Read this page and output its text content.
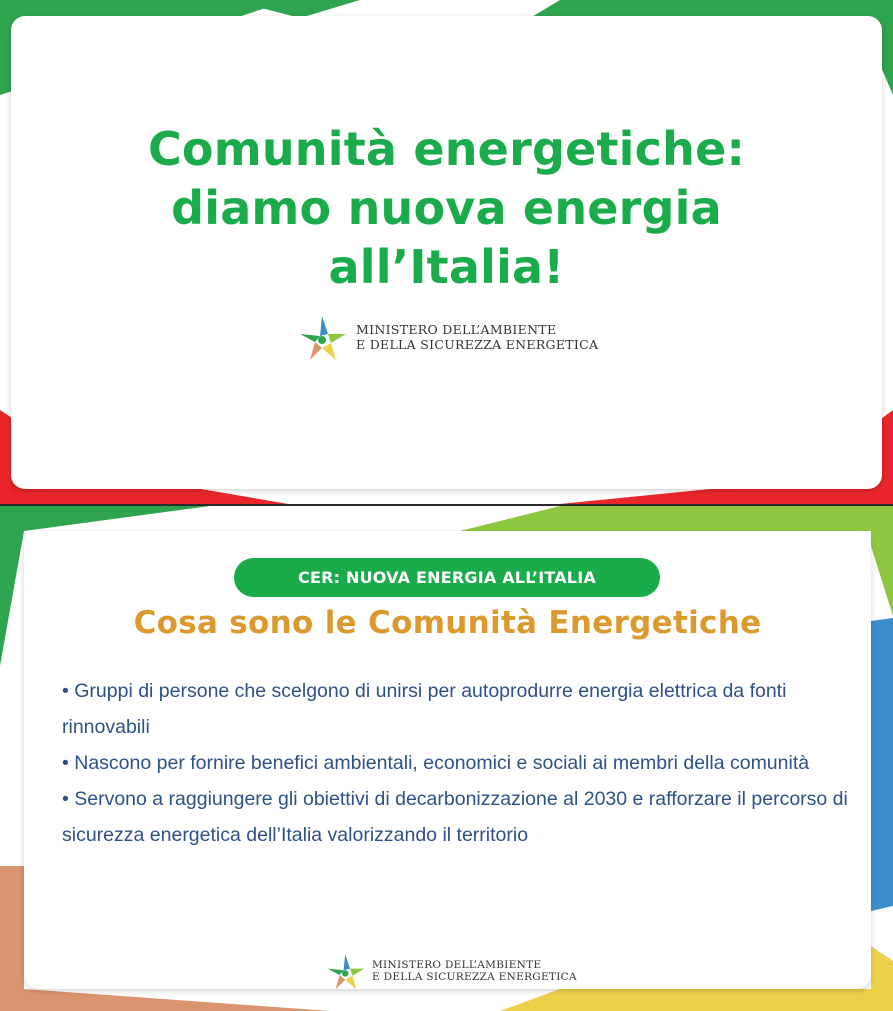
Comunità energetiche:
diamo nuova energia
all’Italia!
MINISTERO DELL’AMBIENTE
E DELLA SICUREZZA ENERGETICA
CER: NUOVA ENERGIA ALL’ITALIA
Cosa sono le Comunità Energetiche
• Gruppi di persone che scelgono di unirsi per autoprodurre energia elettrica da fonti rinnovabili
• Nascono per fornire benefici ambientali, economici e sociali ai membri della comunità
• Servono a raggiungere gli obiettivi di decarbonizzazione al 2030 e rafforzare il percorso di sicurezza energetica dell’Italia valorizzando il territorio
MINISTERO DELL’AMBIENTE
E DELLA SICUREZZA ENERGETICA
